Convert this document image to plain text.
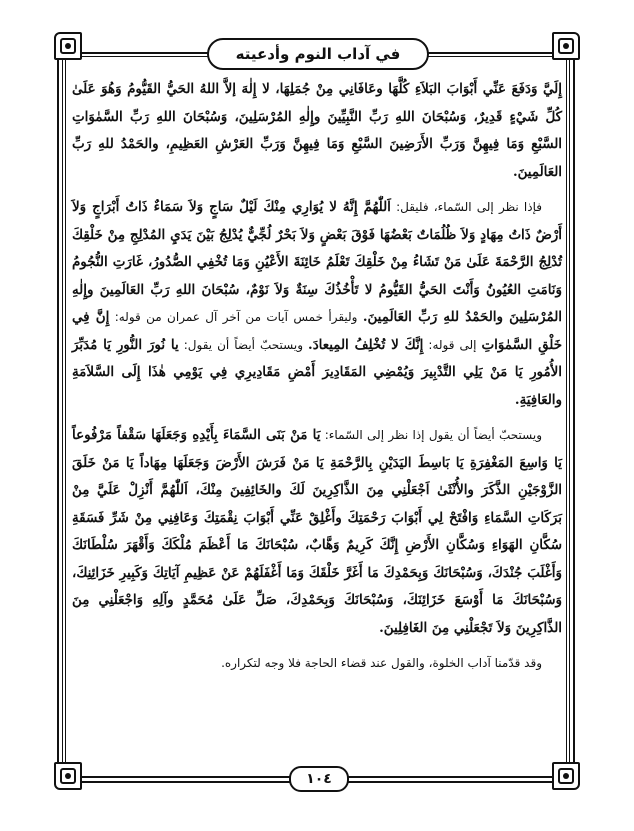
في آداب النوم وأدعيته

إِلَيَّ وَدَفَعَ عَنِّي أَبْوَابَ البَلاَءِ كُلَّهَا وعَافَانِي مِنْ جُمَلِهَا، لا إِلٰهَ إلاَّ اللهُ الحَيُّ القَيُّومُ وَهُوَ عَلَىٰ كُلِّ شَيْءٍ قَدِيرٌ، وَسُبْحَانَ اللهِ رَبِّ النَّبِيِّينَ وإِلٰهِ المُرْسَلِينَ، وَسُبْحَانَ اللهِ رَبِّ السَّمٰوَاتِ السَّبْعِ وَمَا فِيهِنَّ وَرَبِّ الأَرَضِينَ السَّبْعِ وَمَا فِيهِنَّ وَرَبِّ العَرْشِ العَظِيمِ، والحَمْدُ للهِ رَبِّ العَالَمِينَ.

فإذا نظر إلى السّماء، فليقل: اَللّٰهُمَّ إِنَّهُ لا يُوَارِي مِنْكَ لَيْلٌ سَاجٍ وَلاَ سَمَاءٌ ذَاتُ أَبْرَاجٍ وَلاَ أَرْضٌ ذَاتُ مِهَادٍ وَلاَ ظُلُمَاتٌ بَعْضُهَا فَوْقَ بَعْضٍ وَلاَ بَحْرٌ لُجِّيٌّ يُدْلِجُ بَيْنَ يَدَيِ المُدْلِجِ مِنْ خَلْقِكَ تُدْلِجُ الرَّحْمَةَ عَلَىٰ مَنْ تَشَاءُ مِنْ خَلْقِكَ تَعْلَمُ خَائِنَةَ الأَعْيُنِ وَمَا تُخْفِي الصُّدُورُ، غَارَتِ النُّجُومُ وَنَامَتِ العُيُونُ وَأَنْتَ الحَيُّ القَيُّومُ لا تَأْخُذُكَ سِنَةٌ وَلاَ نَوْمٌ، سُبْحَانَ اللهِ رَبِّ العَالَمِينَ وإِلٰهِ المُرْسَلِينَ والحَمْدُ للهِ رَبِّ العَالَمِينَ. وليقرأ خمس آيات من آخر آل عمران من قوله: إِنَّ فِي خَلْقِ السَّمٰوَاتِ إلى قوله: إِنَّكَ لا تُخْلِفُ المِيعادَ. ويستحبّ أيضاً أن يقول: يا نُورَ النُّورِ يَا مُدَبِّرَ الأُمُورِ يَا مَنْ يَلِي التَّدْبِيرَ وَيُمْضِي المَقَادِيرَ أَمْضِ مَقَادِيرِي فِي يَوْمِي هٰذَا إِلَى السَّلاَمَةِ والعَافِيَةِ.

ويستحبّ أيضاً أن يقول إذا نظر إلى السّماء: يَا مَنْ بَنَى السَّمَاءَ بِأَيْدِهِ وَجَعَلَهَا سَقْفاً مَرْفُوعاً يَا وَاسِعَ المَغْفِرَةِ يَا بَاسِطَ اليَدَيْنِ بِالرَّحْمَةِ يَا مَنْ فَرَشَ الأَرْضَ وَجَعَلَهَا مِهَاداً يَا مَنْ خَلَقَ الزَّوْجَيْنِ الذَّكَرَ والأُنْثَىٰ اَجْعَلْنِي مِنَ الذَّاكِرِينَ لَكَ والخَائِفِينَ مِنْكَ، اَللّٰهُمَّ أَنْزِلْ عَلَيَّ مِنْ بَرَكَاتِ السَّمَاءِ وَافْتَحْ لِي أَبْوَابَ رَحْمَتِكَ وأَغْلِقْ عَنِّي أَبْوَابَ نِقْمَتِكَ وَعَافِنِي مِنْ شَرِّ فَسَقَةِ سُكَّانِ الهَوَاءِ وَسُكَّانِ الأَرْضِ إِنَّكَ كَرِيمٌ وَهَّابٌ، سُبْحَانَكَ مَا أَعْظَمَ مُلْكَكَ وَأَقْهَرَ سُلْطَانَكَ وَأَغْلَبَ جُنْدَكَ، وَسُبْحَانَكَ وَبِحَمْدِكَ مَا أَغَرَّ خَلْقَكَ وَمَا أَغْفَلَهُمْ عَنْ عَظِيمِ آيَاتِكَ وَكَبِيرِ خَزَائِنِكَ، وَسُبْحَانَكَ مَا أَوْسَعَ خَزَائِنَكَ، وَسُبْحَانَكَ وَبِحَمْدِكَ، صَلِّ عَلَىٰ مُحَمَّدٍ وآلِهِ وَاجْعَلْنِي مِنَ الذَّاكِرِينَ وَلاَ تَجْعَلْنِي مِنَ الغَافِلِينَ.

وقد قدّمنا آداب الخلوة، والقول عند قضاء الحاجة فلا وجه لتكراره.

١٠٤
